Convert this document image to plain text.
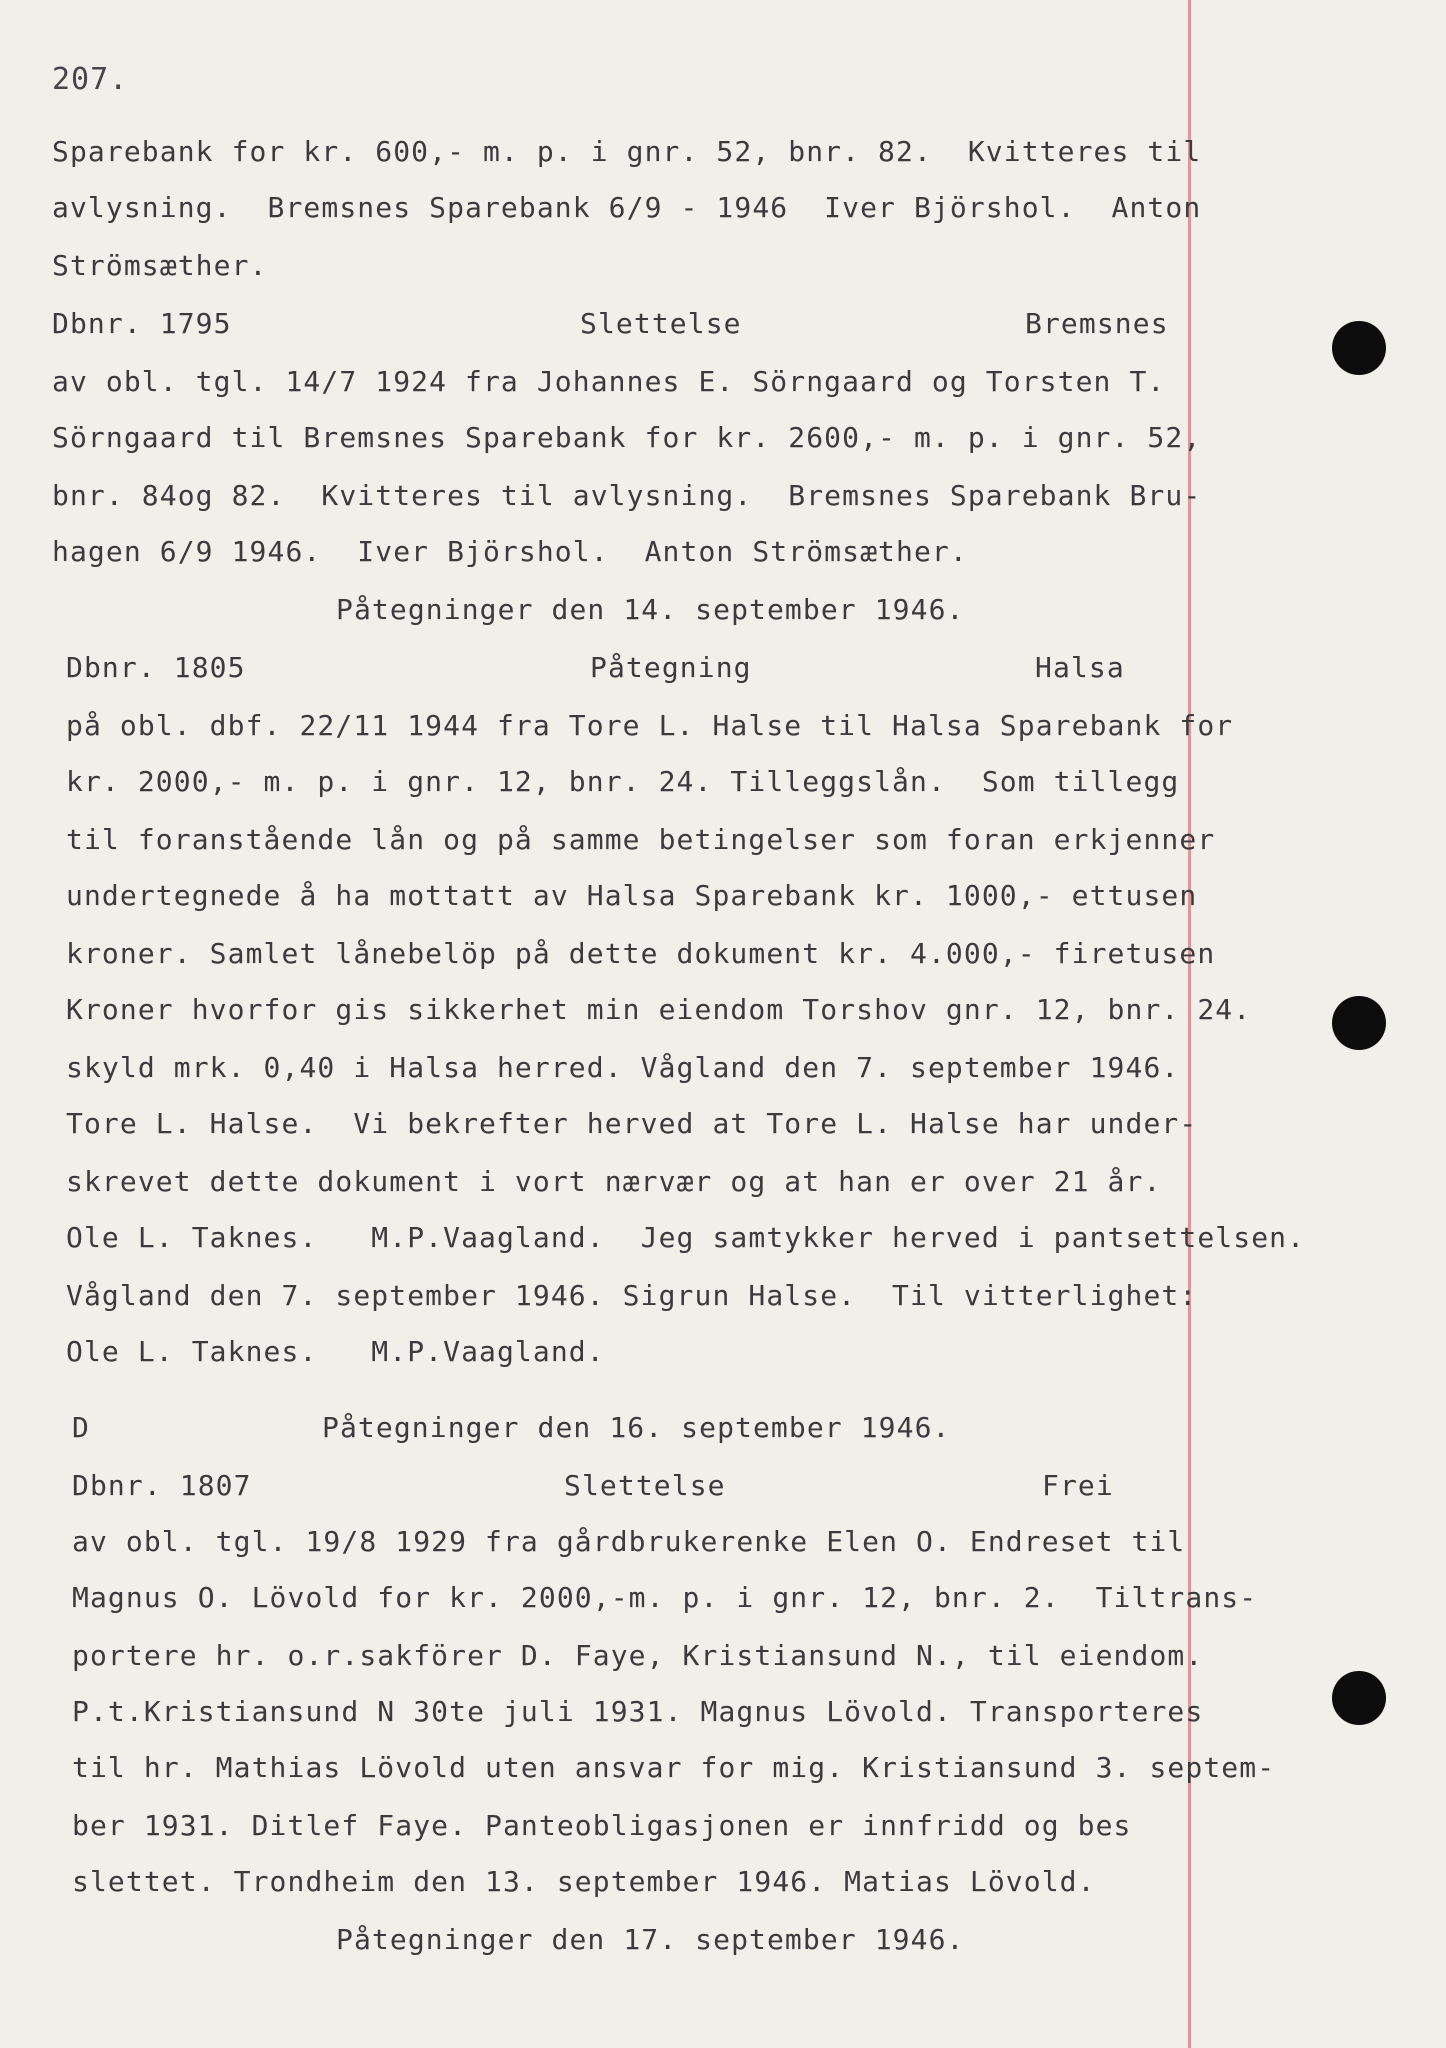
207.
Sparebank for kr. 600,- m. p. i gnr. 52, bnr. 82.  Kvitteres til
avlysning.  Bremsnes Sparebank 6/9 - 1946  Iver Björshol.  Anton
Strömsæther.
Dbnr. 1795	Slettelse	Bremsnes
av obl. tgl. 14/7 1924 fra Johannes E. Sörngaard og Torsten T.
Sörngaard til Bremsnes Sparebank for kr. 2600,- m. p. i gnr. 52,
bnr. 84og 82.  Kvitteres til avlysning.  Bremsnes Sparebank Bru-
hagen 6/9 1946.  Iver Björshol.  Anton Strömsæther.
Påtegninger den 14. september 1946.
Dbnr. 1805	Påtegning	Halsa
på obl. dbf. 22/11 1944 fra Tore L. Halse til Halsa Sparebank for
kr. 2000,- m. p. i gnr. 12, bnr. 24. Tilleggslån.  Som tillegg
til foranstående lån og på samme betingelser som foran erkjenner
undertegnede å ha mottatt av Halsa Sparebank kr. 1000,- ettusen
kroner. Samlet lånebelöp på dette dokument kr. 4.000,- firetusen
Kroner hvorfor gis sikkerhet min eiendom Torshov gnr. 12, bnr. 24.
skyld mrk. 0,40 i Halsa herred. Vågland den 7. september 1946.
Tore L. Halse.  Vi bekrefter herved at Tore L. Halse har under-
skrevet dette dokument i vort nærvær og at han er over 21 år.
Ole L. Taknes.   M.P.Vaagland.  Jeg samtykker herved i pantsettelsen.
Vågland den 7. september 1946. Sigrun Halse.  Til vitterlighet:
Ole L. Taknes.   M.P.Vaagland.
D	Påtegninger den 16. september 1946.
Dbnr. 1807	Slettelse	Frei
av obl. tgl. 19/8 1929 fra gårdbrukerenke Elen O. Endreset til
Magnus O. Lövold for kr. 2000,-m. p. i gnr. 12, bnr. 2.  Tiltrans-
portere hr. o.r.sakförer D. Faye, Kristiansund N., til eiendom.
P.t.Kristiansund N 30te juli 1931. Magnus Lövold. Transporteres
til hr. Mathias Lövold uten ansvar for mig. Kristiansund 3. septem-
ber 1931. Ditlef Faye. Panteobligasjonen er innfridd og bes
slettet. Trondheim den 13. september 1946. Matias Lövold.
Påtegninger den 17. september 1946.
